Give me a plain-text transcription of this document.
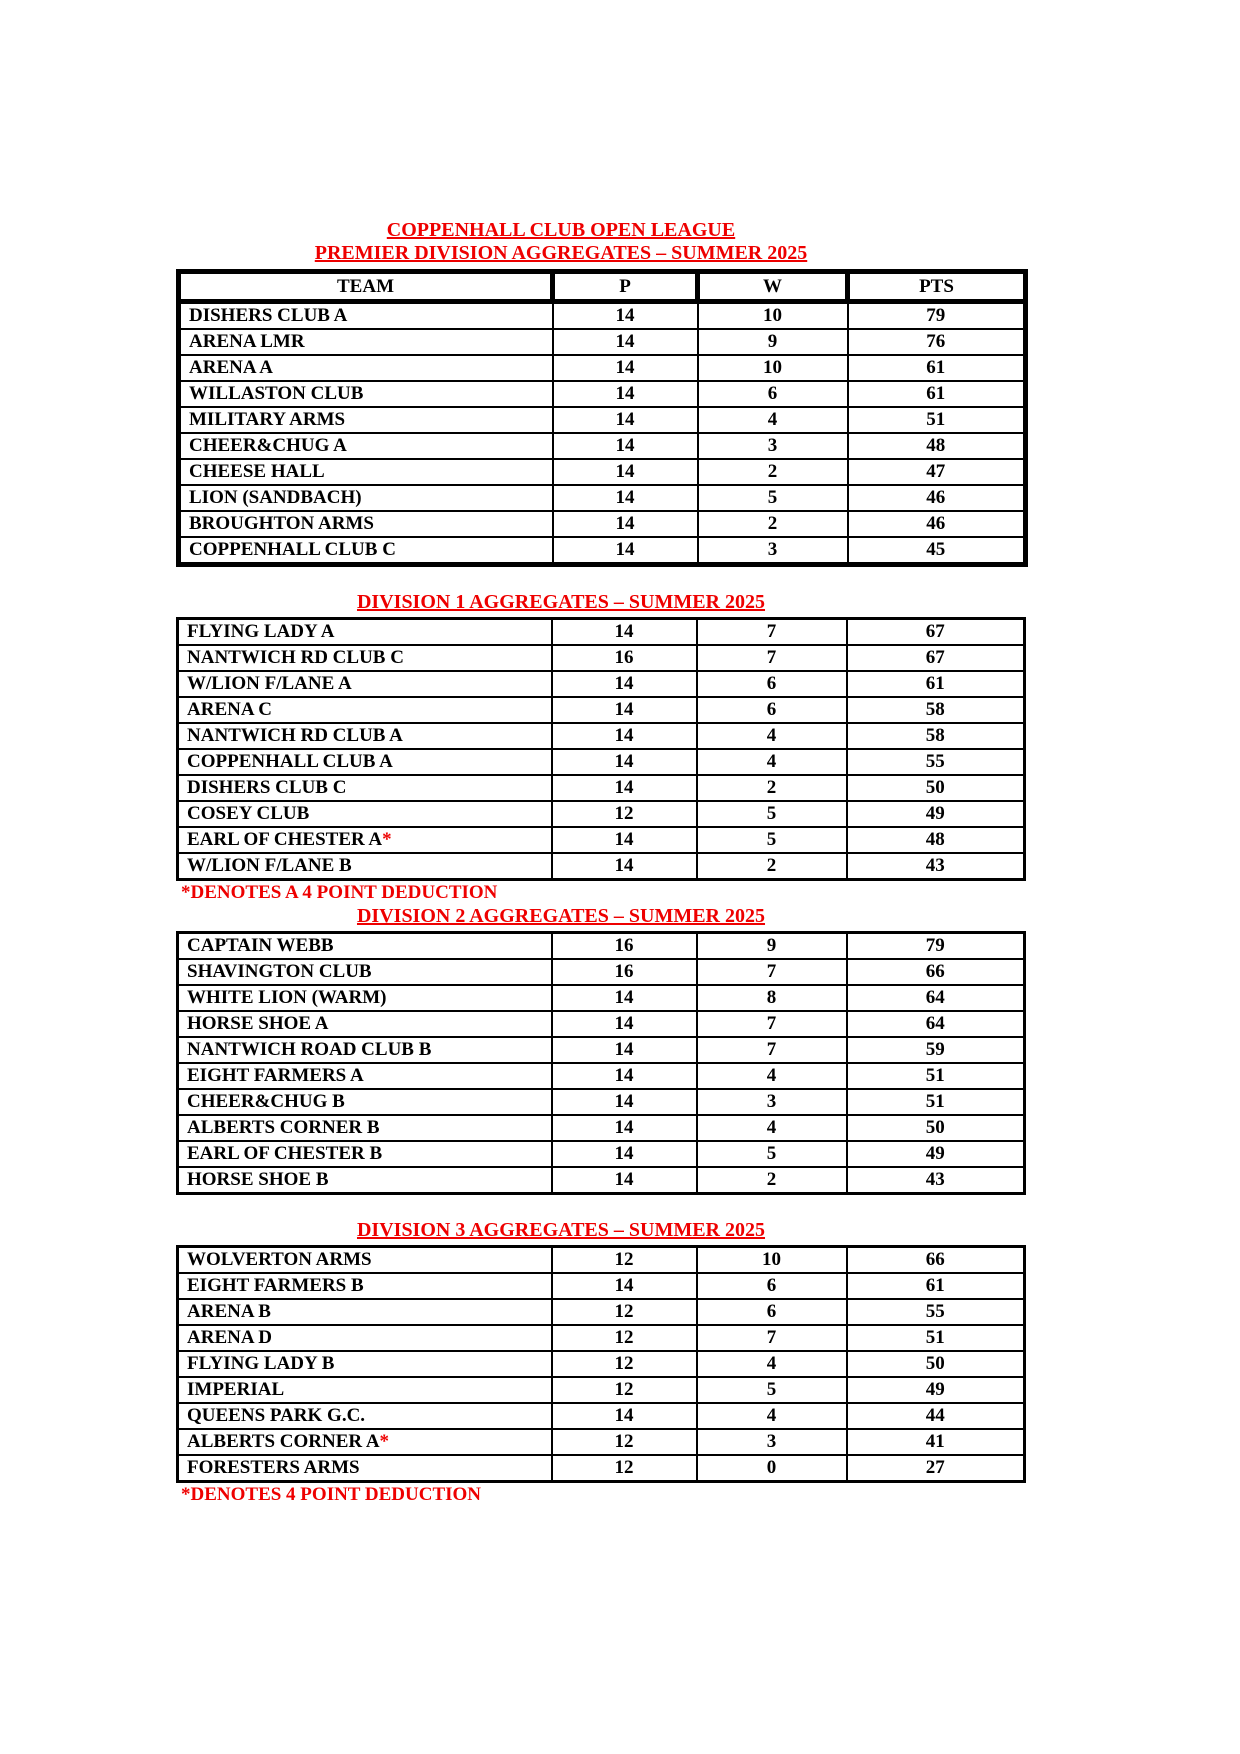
COPPENHALL CLUB OPEN LEAGUE
PREMIER DIVISION AGGREGATES – SUMMER 2025
TEAM	P	W	PTS
DISHERS CLUB A	14	10	79
ARENA LMR	14	9	76
ARENA A	14	10	61
WILLASTON CLUB	14	6	61
MILITARY ARMS	14	4	51
CHEER&CHUG A	14	3	48
CHEESE HALL	14	2	47
LION (SANDBACH)	14	5	46
BROUGHTON ARMS	14	2	46
COPPENHALL CLUB C	14	3	45
DIVISION 1 AGGREGATES – SUMMER 2025
FLYING LADY A	14	7	67
NANTWICH RD CLUB C	16	7	67
W/LION F/LANE A	14	6	61
ARENA C	14	6	58
NANTWICH RD CLUB A	14	4	58
COPPENHALL CLUB A	14	4	55
DISHERS CLUB C	14	2	50
COSEY CLUB	12	5	49
EARL OF CHESTER A*	14	5	48
W/LION F/LANE B	14	2	43
*DENOTES A 4 POINT DEDUCTION
DIVISION 2 AGGREGATES – SUMMER 2025
CAPTAIN WEBB	16	9	79
SHAVINGTON CLUB	16	7	66
WHITE LION (WARM)	14	8	64
HORSE SHOE A	14	7	64
NANTWICH ROAD CLUB B	14	7	59
EIGHT FARMERS A	14	4	51
CHEER&CHUG B	14	3	51
ALBERTS CORNER B	14	4	50
EARL OF CHESTER B	14	5	49
HORSE SHOE B	14	2	43
DIVISION 3 AGGREGATES – SUMMER 2025
WOLVERTON ARMS	12	10	66
EIGHT FARMERS B	14	6	61
ARENA B	12	6	55
ARENA D	12	7	51
FLYING LADY B	12	4	50
IMPERIAL	12	5	49
QUEENS PARK G.C.	14	4	44
ALBERTS CORNER A*	12	3	41
FORESTERS ARMS	12	0	27
*DENOTES 4 POINT DEDUCTION
